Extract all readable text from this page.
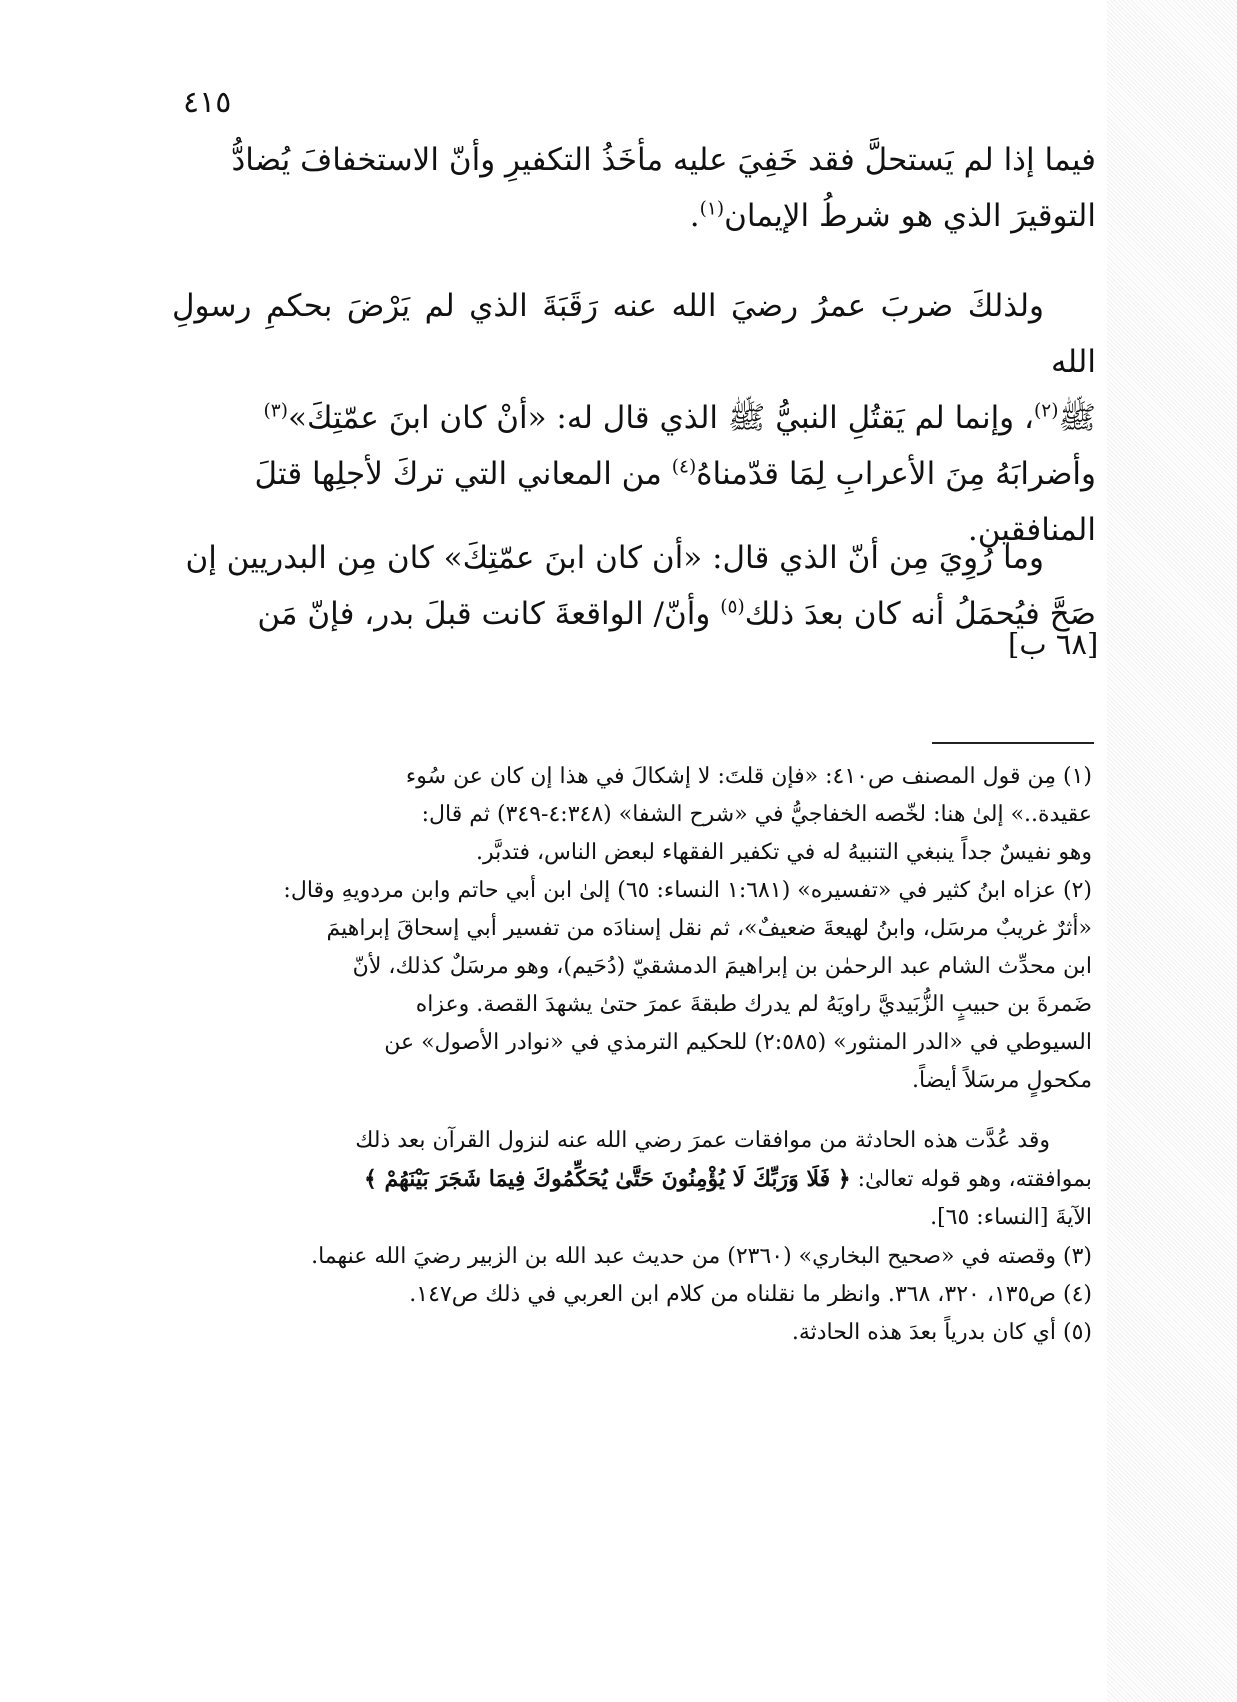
٤١٥
فيما إذا لم يَستحلَّ فقد خَفِيَ عليه مأخَذُ التكفيرِ وأنّ الاستخفافَ يُضادُّ
التوقيرَ الذي هو شرطُ الإيمان$^{(١)}$.
ولذلكَ ضربَ عمرُ رضيَ الله عنه رَقَبَةَ الذي لم يَرْضَ بحكمِ رسولِ الله
ﷺ$^{(٢)}$، وإنما لم يَقتُلِ النبيُّ ﷺ الذي قال له: «أنْ كان ابنَ عمّتِكَ»$^{(٣)}$
وأضرابَهُ مِنَ الأعرابِ لِمَا قدّمناهُ$^{(٤)}$ من المعاني التي تركَ لأجلِها قتلَ
المنافقين.
وما رُوِيَ مِن أنّ الذي قال: «أن كان ابنَ عمّتِكَ» كان مِن البدريين إن
صَحَّ فيُحمَلُ أنه كان بعدَ ذلك$^{(٥)}$ وأنّ/ الواقعةَ كانت قبلَ بدر، فإنّ مَن
[٦٨ ب]
(١) مِن قول المصنف ص٤١٠: «فإن قلتَ: لا إشكالَ في هذا إن كان عن سُوء
عقيدة..» إلىٰ هنا: لخّصه الخفاجيُّ في «شرح الشفا» (٤:٣٤٨-٣٤٩) ثم قال:
وهو نفيسٌ جداً ينبغي التنبيهُ له في تكفير الفقهاء لبعض الناس، فتدبَّر.
(٢) عزاه ابنُ كثير في «تفسيره» (١:٦٨١ النساء: ٦٥) إلىٰ ابن أبي حاتم وابن مردويهِ وقال:
«أثرٌ غريبٌ مرسَل، وابنُ لهيعةَ ضعيفٌ»، ثم نقل إسنادَه من تفسير أبي إسحاقَ إبراهيمَ
ابن محدِّث الشام عبد الرحمٰن بن إبراهيمَ الدمشقيّ (دُحَيم)، وهو مرسَلٌ كذلك، لأنّ
ضَمرةَ بن حبيبٍ الزُّبَيديَّ راويَهُ لم يدرك طبقةَ عمرَ حتىٰ يشهدَ القصة. وعزاه
السيوطي في «الدر المنثور» (٢:٥٨٥) للحكيم الترمذي في «نوادر الأصول» عن
مكحولٍ مرسَلاً أيضاً.
وقد عُدَّت هذه الحادثة من موافقات عمرَ رضي الله عنه لنزول القرآن بعد ذلك
بموافقته، وهو قوله تعالىٰ: ﴿ فَلَا وَرَبِّكَ لَا يُؤْمِنُونَ حَتَّىٰ يُحَكِّمُوكَ فِيمَا شَجَرَ بَيْنَهُمْ ﴾
الآيةَ [النساء: ٦٥].
(٣) وقصته في «صحيح البخاري» (٢٣٦٠) من حديث عبد الله بن الزبير رضيَ الله عنهما.
(٤) ص١٣٥، ٣٢٠، ٣٦٨. وانظر ما نقلناه من كلام ابن العربي في ذلك ص١٤٧.
(٥) أي كان بدرياً بعدَ هذه الحادثة.
